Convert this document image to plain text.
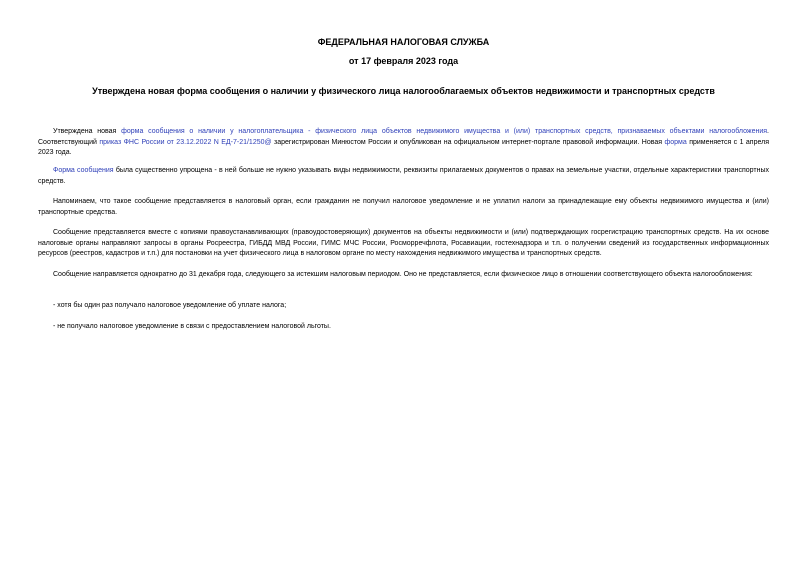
ФЕДЕРАЛЬНАЯ НАЛОГОВАЯ СЛУЖБА
от 17 февраля 2023 года
Утверждена новая форма сообщения о наличии у физического лица налогооблагаемых объектов недвижимости и транспортных средств

Утверждена новая форма сообщения о наличии у налогоплательщика - физического лица объектов недвижимого имущества и (или) транспортных средств, признаваемых объектами налогообложения. Соответствующий приказ ФНС России от 23.12.2022 N ЕД-7-21/1250@ зарегистрирован Минюстом России и опубликован на официальном интернет-портале правовой информации. Новая форма применяется с 1 апреля 2023 года.

Форма сообщения была существенно упрощена - в ней больше не нужно указывать виды недвижимости, реквизиты прилагаемых документов о правах на земельные участки, отдельные характеристики транспортных средств.

Напоминаем, что такое сообщение представляется в налоговый орган, если гражданин не получил налоговое уведомление и не уплатил налоги за принадлежащие ему объекты недвижимого имущества и (или) транспортные средства.

Сообщение представляется вместе с копиями правоустанавливающих (правоудостоверяющих) документов на объекты недвижимости и (или) подтверждающих госрегистрацию транспортных средств. На их основе налоговые органы направляют запросы в органы Росреестра, ГИБДД МВД России, ГИМС МЧС России, Росморречфлота, Росавиации, гостехнадзора и т.п. о получении сведений из государственных информационных ресурсов (реестров, кадастров и т.п.) для постановки на учет физического лица в налоговом органе по месту нахождения недвижимого имущества и транспортных средств.

Сообщение направляется однократно до 31 декабря года, следующего за истекшим налоговым периодом. Оно не представляется, если физическое лицо в отношении соответствующего объекта налогообложения:

- хотя бы один раз получало налоговое уведомление об уплате налога;

- не получало налоговое уведомление в связи с предоставлением налоговой льготы.
